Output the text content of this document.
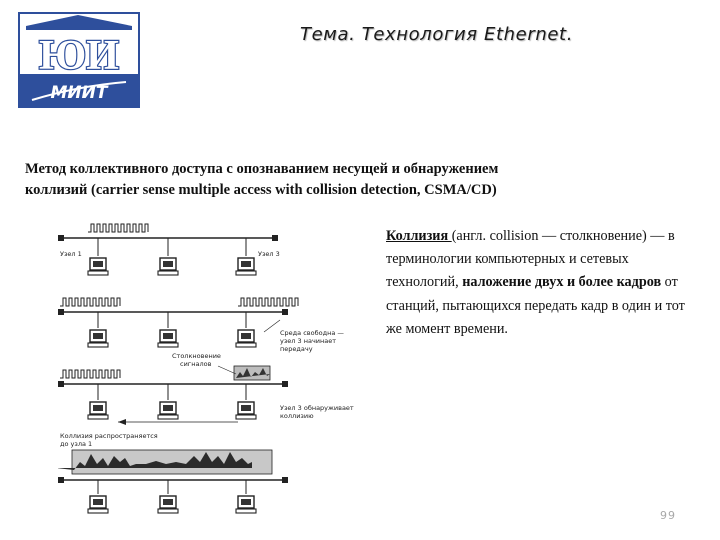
ЮИ
МИИТ
Тема. Технология Ethernet.
Метод коллективного доступа с опознаванием несущей и обнаружением
коллизий (carrier sense multiple access with collision detection, CSMA/CD)
Узел 1	Узел 3
Среда свободна —
узел 3 начинает
передачу
Столкновение
сигналов
Узел 3 обнаруживает
коллизию
Коллизия распространяется
до узла 1
Коллизия (англ. collision — столкновение) — в терминологии компьютерных и сетевых технологий, наложение двух и более кадров от станций, пытающихся передать кадр в один и тот же момент времени.
99
